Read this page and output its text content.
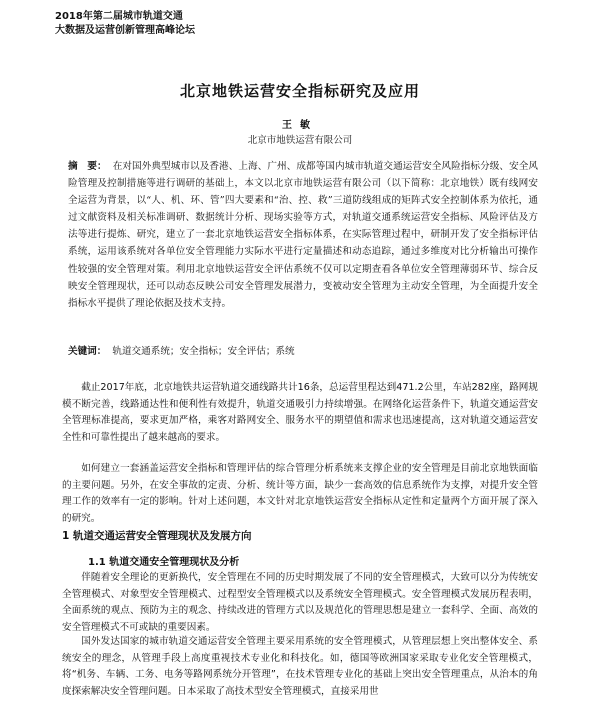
2018年第二届城市轨道交通
大数据及运营创新管理高峰论坛
北京地铁运营安全指标研究及应用
王敏
北京市地铁运营有限公司
摘　要： 在对国外典型城市以及香港、上海、广州、成都等国内城市轨道交通运营安全风险指标分级、安全风险管理及控制措施等进行调研的基础上，本文以北京市地铁运营有限公司（以下简称：北京地铁）既有线网安全运营为背景，以“人、机、环、管”四大要素和“治、控、救”三道防线组成的矩阵式安全控制体系为依托，通过文献资料及相关标准调研、数据统计分析、现场实验等方式，对轨道交通系统运营安全指标、风险评估及方法等进行提炼、研究，建立了一套北京地铁运营安全指标体系，在实际管理过程中，研制开发了安全指标评估系统，运用该系统对各单位安全管理能力实际水平进行定量描述和动态追踪，通过多维度对比分析输出可操作性较强的安全管理对策。利用北京地铁运营安全评估系统不仅可以定期查看各单位安全管理薄弱环节、综合反映安全管理现状，还可以动态反映公司安全管理发展潜力，变被动安全管理为主动安全管理，为全面提升安全指标水平提供了理论依据及技术支持。
关键词： 轨道交通系统；安全指标；安全评估；系统

截止2017年底，北京地铁共运营轨道交通线路共计16条，总运营里程达到471.2公里，车站282座，路网规模不断完善，线路通达性和便利性有效提升，轨道交通吸引力持续增强。在网络化运营条件下，轨道交通运营安全管理标准提高，要求更加严格，乘客对路网安全、服务水平的期望值和需求也迅速提高，这对轨道交通运营安全性和可靠性提出了越来越高的要求。

如何建立一套涵盖运营安全指标和管理评估的综合管理分析系统来支撑企业的安全管理是目前北京地铁面临的主要问题。另外，在安全事故的定责、分析、统计等方面，缺少一套高效的信息系统作为支撑，对提升安全管理工作的效率有一定的影响。针对上述问题，本文针对北京地铁运营安全指标从定性和定量两个方面开展了深入的研究。

1 轨道交通运营安全管理现状及发展方向
1.1 轨道交通安全管理现状及分析

伴随着安全理论的更新换代，安全管理在不同的历史时期发展了不同的安全管理模式，大致可以分为传统安全管理模式、对象型安全管理模式、过程型安全管理模式以及系统安全管理模式。安全管理模式发展历程表明，全面系统的观点、预防为主的观念、持续改进的管理方式以及规范化的管理思想是建立一套科学、全面、高效的安全管理模式不可或缺的重要因素。

国外发达国家的城市轨道交通运营安全管理主要采用系统的安全管理模式，从管理层想上突出整体安全、系统安全的理念，从管理手段上高度重视技术专业化和科技化。如，德国等欧洲国家采取专业化安全管理模式，将“机务、车辆、工务、电务等路网系统分开管理”，在技术管理专业化的基础上突出安全管理重点，从治本的角度探索解决安全管理问题。日本采取了高技术型安全管理模式，直接采用世
